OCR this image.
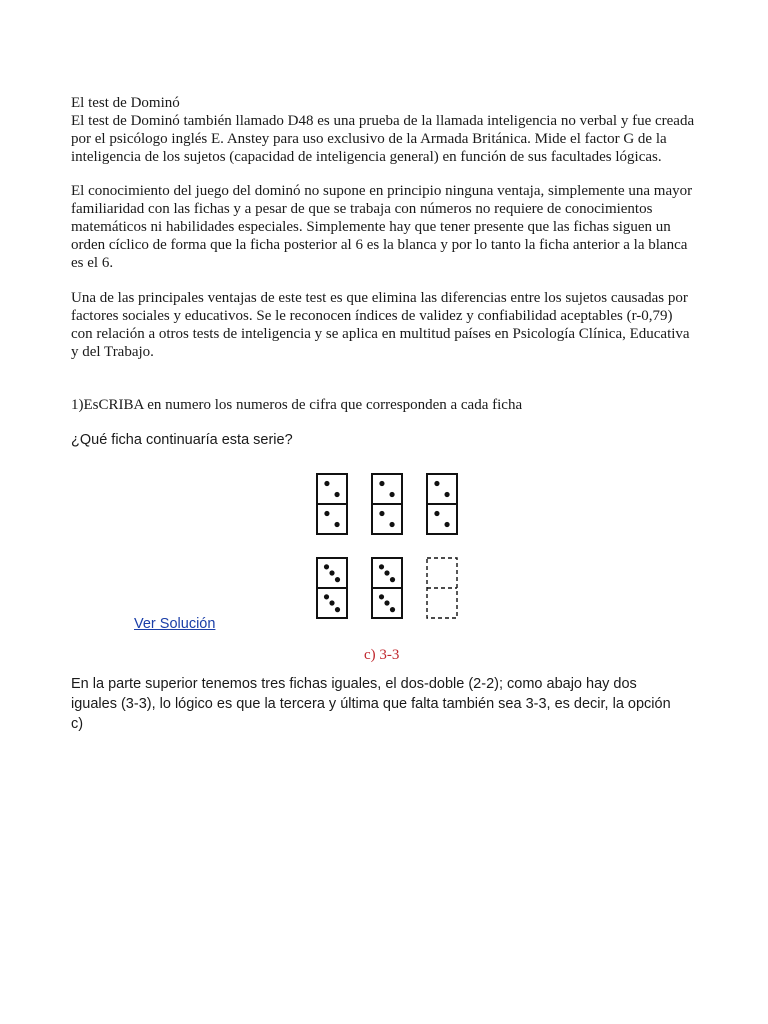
El test de Dominó
El test de Dominó también llamado D48 es una prueba de la llamada inteligencia no verbal y fue creada
por el psicólogo inglés E. Anstey para uso exclusivo de la Armada Británica. Mide el factor G de la
inteligencia de los sujetos (capacidad de inteligencia general) en función de sus facultades lógicas.
El conocimiento del juego del dominó no supone en principio ninguna ventaja, simplemente una mayor
familiaridad con las fichas y a pesar de que se trabaja con números no requiere de conocimientos
matemáticos ni habilidades especiales. Simplemente hay que tener presente que las fichas siguen un
orden cíclico de forma que la ficha posterior al 6 es la blanca y por lo tanto la ficha anterior a la blanca
es el 6.
Una de las principales ventajas de este test es que elimina las diferencias entre los sujetos causadas por
factores sociales y educativos. Se le reconocen índices de validez y confiabilidad aceptables (r-0,79)
con relación a otros tests de inteligencia y se aplica en multitud países en Psicología Clínica, Educativa
y del Trabajo.
1)EsCRIBA en numero los numeros de cifra que corresponden a cada ficha
¿Qué ficha continuaría esta serie?
Ver Solución
c) 3-3
En la parte superior tenemos tres fichas iguales, el dos-doble (2-2); como abajo hay dos
iguales (3-3), lo lógico es que la tercera y última que falta también sea 3-3, es decir, la opción
c)
